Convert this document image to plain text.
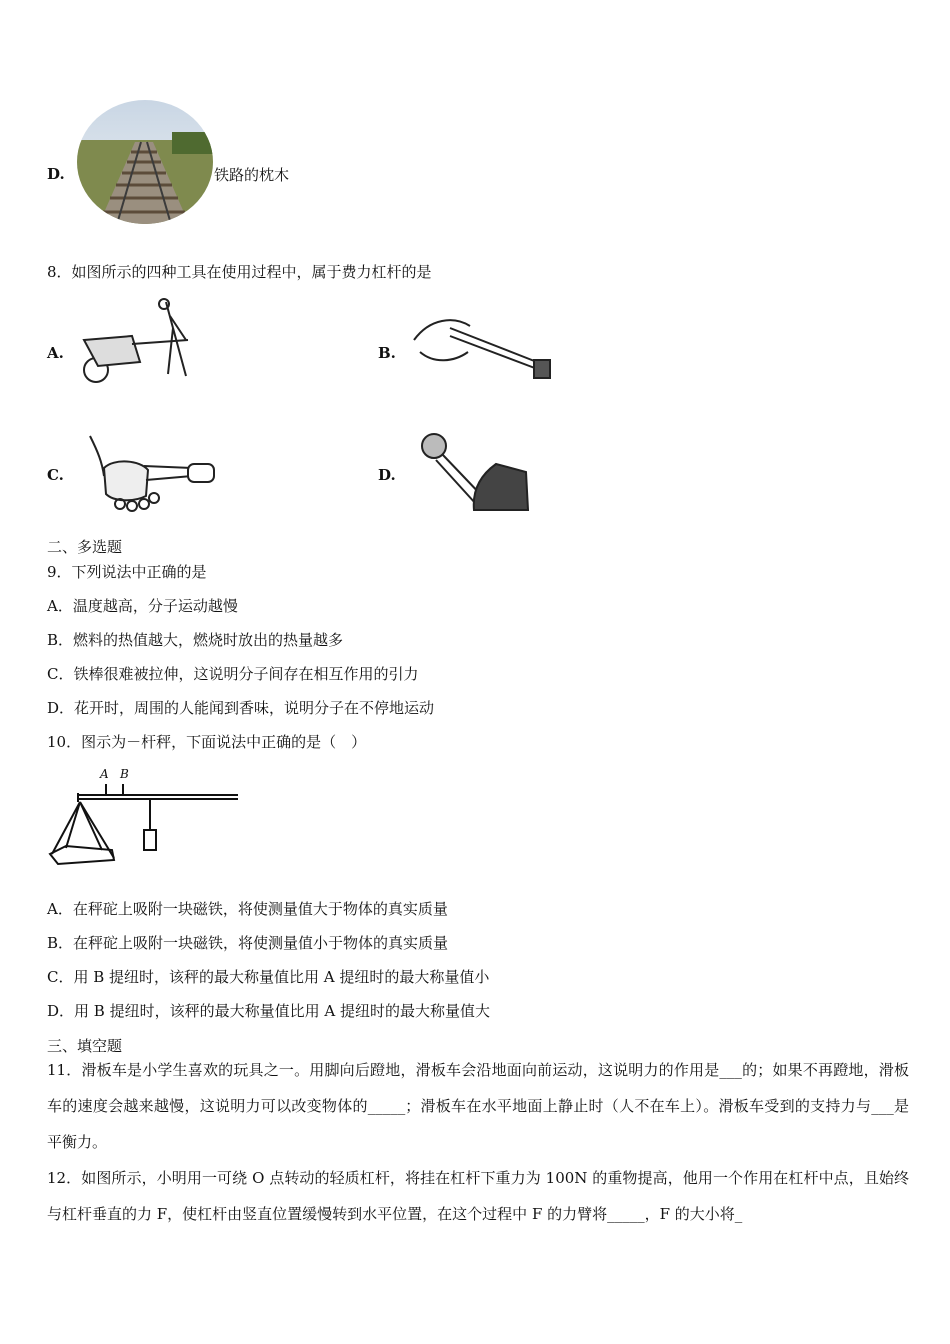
D.	铁路的枕木
8．如图所示的四种工具在使用过程中，属于费力杠杆的是
A.	B.
C.	D.
二、多选题
9．下列说法中正确的是
A．温度越高，分子运动越慢
B．燃料的热值越大，燃烧时放出的热量越多
C．铁棒很难被拉伸，这说明分子间存在相互作用的引力
D．花开时，周围的人能闻到香味，说明分子在不停地运动
10．图示为－杆秤，下面说法中正确的是（　）
A B
A．在秤砣上吸附一块磁铁，将使测量值大于物体的真实质量
B．在秤砣上吸附一块磁铁，将使测量值小于物体的真实质量
C．用 B 提纽时，该秤的最大称量值比用 A 提纽时的最大称量值小
D．用 B 提纽时，该秤的最大称量值比用 A 提纽时的最大称量值大
三、填空题
11．滑板车是小学生喜欢的玩具之一。用脚向后蹬地，滑板车会沿地面向前运动，这说明力的作用是___的；如果不再蹬地，滑板车的速度会越来越慢，这说明力可以改变物体的_____；滑板车在水平地面上静止时（人不在车上）。滑板车受到的支持力与___是平衡力。
12．如图所示，小明用一可绕 O 点转动的轻质杠杆，将挂在杠杆下重力为 100N 的重物提高，他用一个作用在杠杆中点，且始终与杠杆垂直的力 F，使杠杆由竖直位置缓慢转到水平位置，在这个过程中 F 的力臂将_____，F 的大小将_
